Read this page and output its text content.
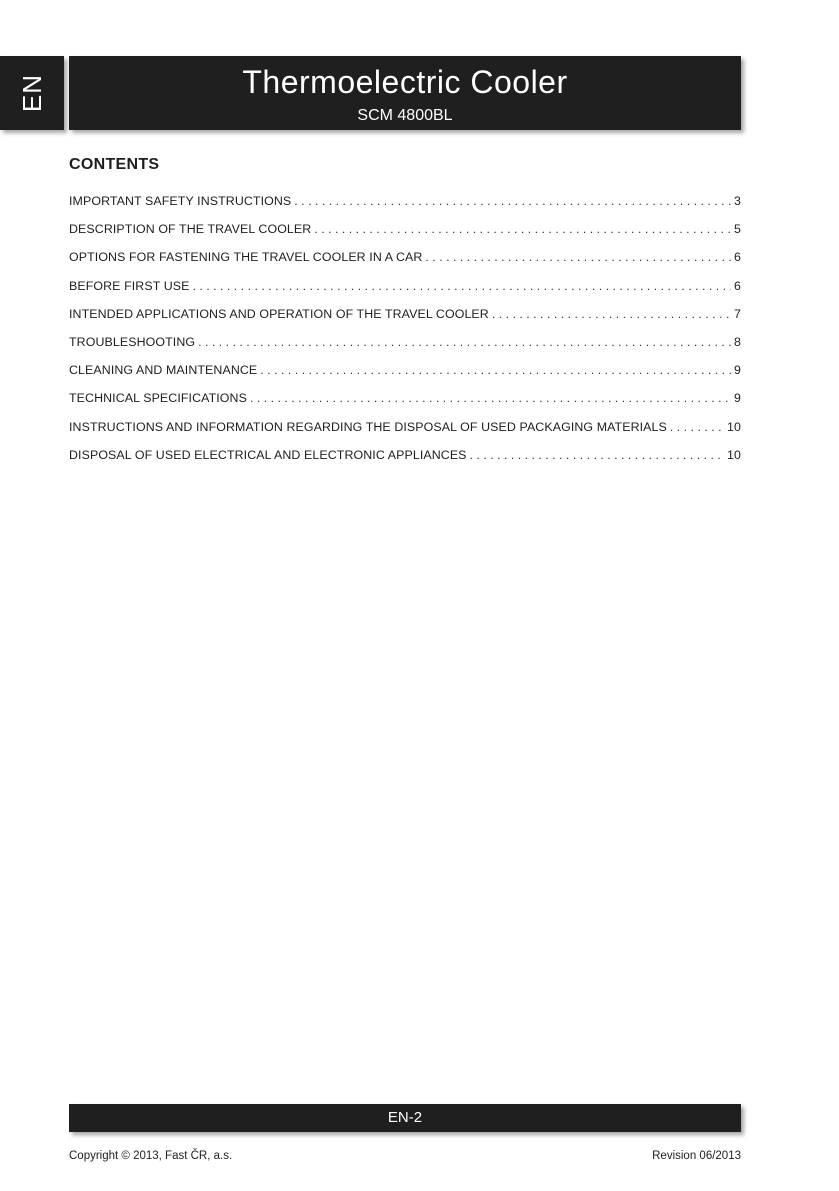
EN	Thermoelectric Cooler
SCM 4800BL
CONTENTS
IMPORTANT SAFETY INSTRUCTIONS . . .	3
DESCRIPTION OF THE TRAVEL COOLER . . .	5
OPTIONS FOR FASTENING THE TRAVEL COOLER IN A CAR . . .	6
BEFORE FIRST USE . . .	6
INTENDED APPLICATIONS AND OPERATION OF THE TRAVEL COOLER . . .	7
TROUBLESHOOTING . . .	8
CLEANING AND MAINTENANCE . . .	9
TECHNICAL SPECIFICATIONS . . .	9
INSTRUCTIONS AND INFORMATION REGARDING THE DISPOSAL OF USED PACKAGING MATERIALS . . .	10
DISPOSAL OF USED ELECTRICAL AND ELECTRONIC APPLIANCES . . .	10
EN-2
Copyright © 2013, Fast ČR, a.s.	Revision 06/2013
